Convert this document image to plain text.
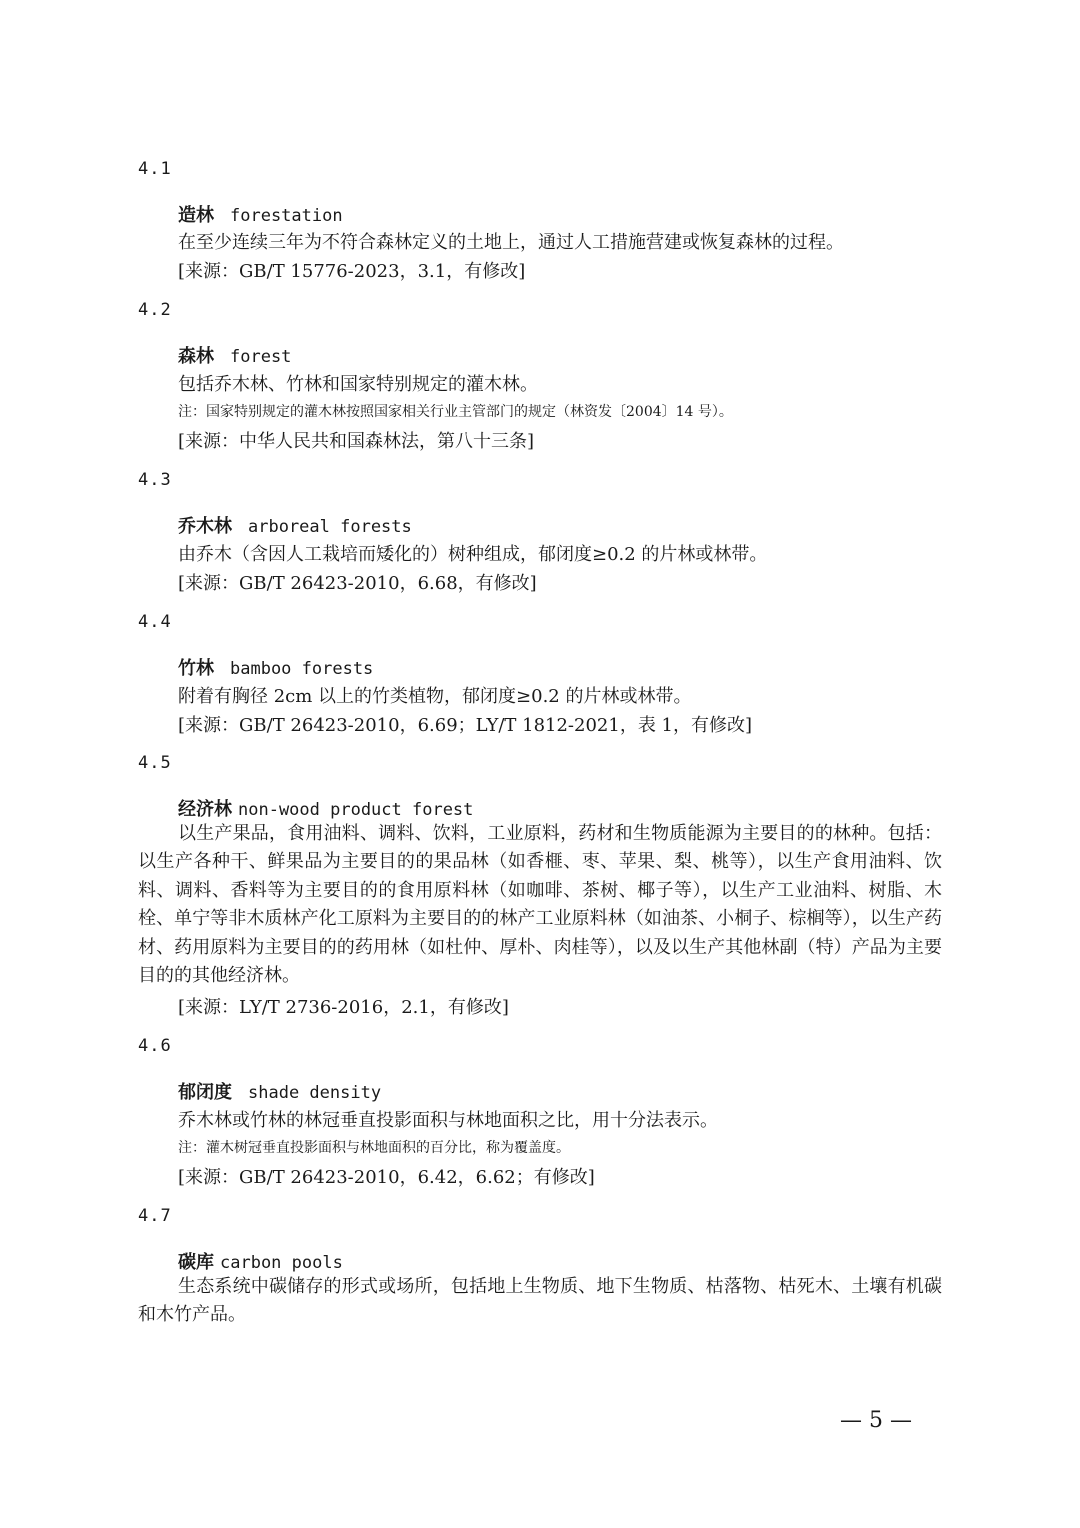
4.1
造林 forestation
在至少连续三年为不符合森林定义的土地上，通过人工措施营建或恢复森林的过程。
[来源：GB/T 15776-2023，3.1，有修改]
4.2
森林 forest
包括乔木林、竹林和国家特别规定的灌木林。
注：国家特别规定的灌木林按照国家相关行业主管部门的规定（林资发〔2004〕14 号）。
[来源：中华人民共和国森林法，第八十三条]
4.3
乔木林 arboreal forests
由乔木（含因人工栽培而矮化的）树种组成，郁闭度≥0.2 的片林或林带。
[来源：GB/T 26423-2010，6.68，有修改]
4.4
竹林 bamboo forests
附着有胸径 2cm 以上的竹类植物，郁闭度≥0.2 的片林或林带。
[来源：GB/T 26423-2010，6.69；LY/T 1812-2021，表 1，有修改]
4.5
经济林 non-wood product forest
以生产果品，食用油料、调料、饮料，工业原料，药材和生物质能源为主要目的的林种。包括：以生产各种干、鲜果品为主要目的的果品林（如香榧、枣、苹果、梨、桃等），以生产食用油料、饮料、调料、香料等为主要目的的食用原料林（如咖啡、茶树、椰子等），以生产工业油料、树脂、木栓、单宁等非木质林产化工原料为主要目的的林产工业原料林（如油茶、小桐子、棕榈等），以生产药材、药用原料为主要目的的药用林（如杜仲、厚朴、肉桂等），以及以生产其他林副（特）产品为主要目的的其他经济林。
[来源：LY/T 2736-2016，2.1，有修改]
4.6
郁闭度 shade density
乔木林或竹林的林冠垂直投影面积与林地面积之比，用十分法表示。
注：灌木树冠垂直投影面积与林地面积的百分比，称为覆盖度。
[来源：GB/T 26423-2010，6.42，6.62；有修改]
4.7
碳库 carbon pools
生态系统中碳储存的形式或场所，包括地上生物质、地下生物质、枯落物、枯死木、土壤有机碳和木竹产品。
— 5 —
